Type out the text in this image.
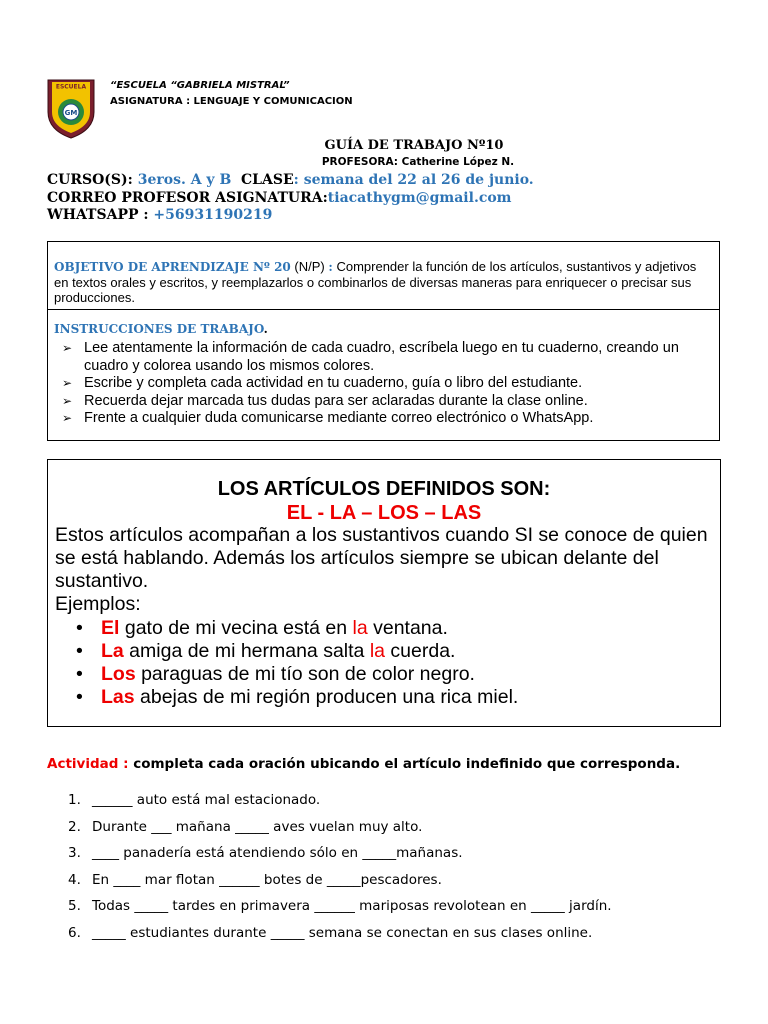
ESCUELA
GM
“ESCUELA “GABRIELA MISTRAL”
ASIGNATURA : LENGUAJE Y COMUNICACION
GUÍA DE TRABAJO Nº10
PROFESORA: Catherine López N.
CURSO(S): 3eros. A y B CLASE: semana del 22 al 26 de junio.
CORREO PROFESOR ASIGNATURA:tiacathygm@gmail.com
WHATSAPP : +56931190219
OBJETIVO DE APRENDIZAJE Nº 20 (N/P) : Comprender la función de los artículos, sustantivos y adjetivos en textos orales y escritos, y reemplazarlos o combinarlos de diversas maneras para enriquecer o precisar sus producciones.
INSTRUCCIONES DE TRABAJO.
➢ Lee atentamente la información de cada cuadro, escríbela luego en tu cuaderno, creando un cuadro y colorea usando los mismos colores.
➢ Escribe y completa cada actividad en tu cuaderno, guía o libro del estudiante.
➢ Recuerda dejar marcada tus dudas para ser aclaradas durante la clase online.
➢ Frente a cualquier duda comunicarse mediante correo electrónico o WhatsApp.
LOS ARTÍCULOS DEFINIDOS SON:
EL - LA – LOS – LAS
Estos artículos acompañan a los sustantivos cuando SI se conoce de quien se está hablando. Además los artículos siempre se ubican delante del sustantivo.
Ejemplos:
• El gato de mi vecina está en la ventana.
• La amiga de mi hermana salta la cuerda.
• Los paraguas de mi tío son de color negro.
• Las abejas de mi región producen una rica miel.
Actividad : completa cada oración ubicando el artículo indefinido que corresponda.
1. ______ auto está mal estacionado.
2. Durante ___ mañana _____ aves vuelan muy alto.
3. ____ panadería está atendiendo sólo en _____mañanas.
4. En ____ mar flotan ______ botes de _____pescadores.
5. Todas _____ tardes en primavera ______ mariposas revolotean en _____ jardín.
6. _____ estudiantes durante _____ semana se conectan en sus clases online.
